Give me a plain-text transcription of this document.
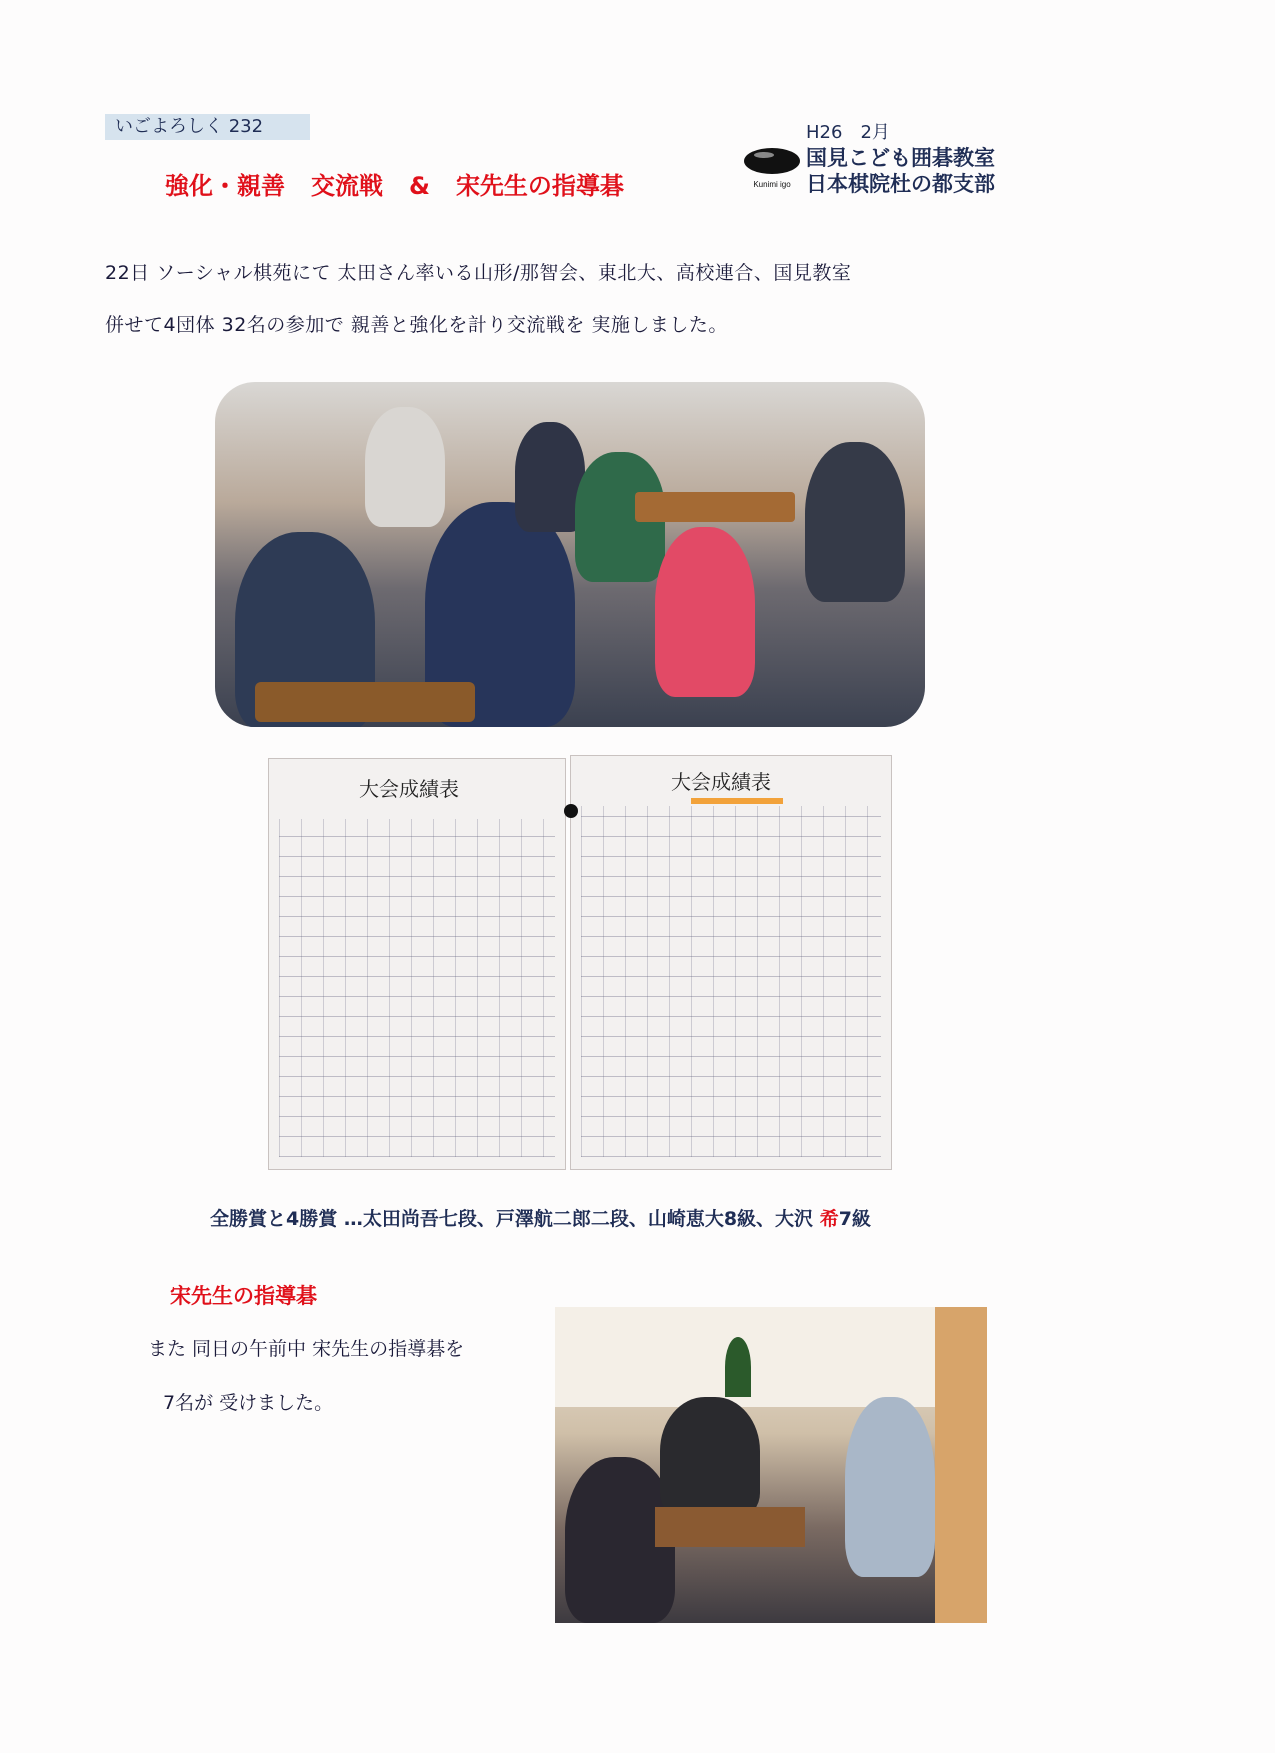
いごよろしく 232
強化・親善 交流戦 & 宋先生の指導碁	Kunimi igo
H26 2月
国見こども囲碁教室
日本棋院杜の都支部
22日 ソーシャル棋苑にて 太田さん率いる山形/那智会、東北大、高校連合、国見教室
併せて4団体 32名の参加で 親善と強化を計り交流戦を 実施しました。
大会成績表	大会成績表
全勝賞と4勝賞 …太田尚吾七段、戸澤航二郎二段、山崎恵大8級、大沢 希7級
宋先生の指導碁
また 同日の午前中 宋先生の指導碁を
7名が 受けました。
